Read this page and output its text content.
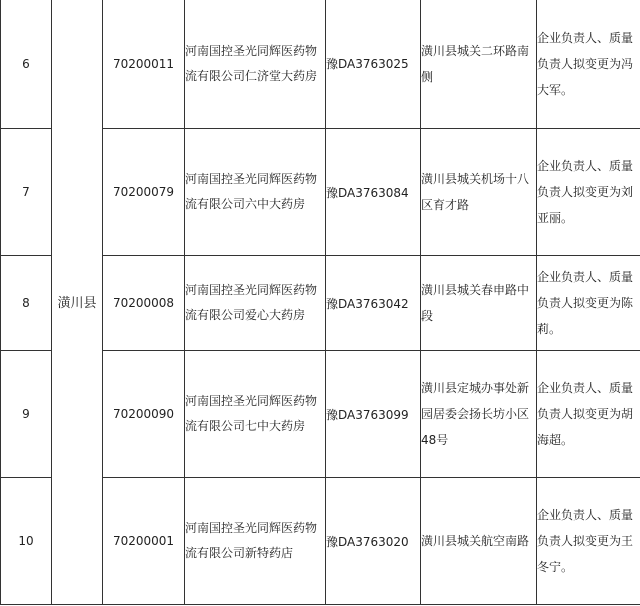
6	潢川县	70200011	河南国控圣光同辉医药物流有限公司仁济堂大药房	豫DA3763025	潢川县城关二环路南侧	企业负责人、质量负责人拟变更为冯大军。
7		70200079	河南国控圣光同辉医药物流有限公司六中大药房	豫DA3763084	潢川县城关机场十八区育才路	企业负责人、质量负责人拟变更为刘亚丽。
8		70200008	河南国控圣光同辉医药物流有限公司爱心大药房	豫DA3763042	潢川县城关春申路中段	企业负责人、质量负责人拟变更为陈莉。
9		70200090	河南国控圣光同辉医药物流有限公司七中大药房	豫DA3763099	潢川县定城办事处新园居委会扬长坊小区48号	企业负责人、质量负责人拟变更为胡海超。
10		70200001	河南国控圣光同辉医药物流有限公司新特药店	豫DA3763020	潢川县城关航空南路	企业负责人、质量负责人拟变更为王冬宁。
